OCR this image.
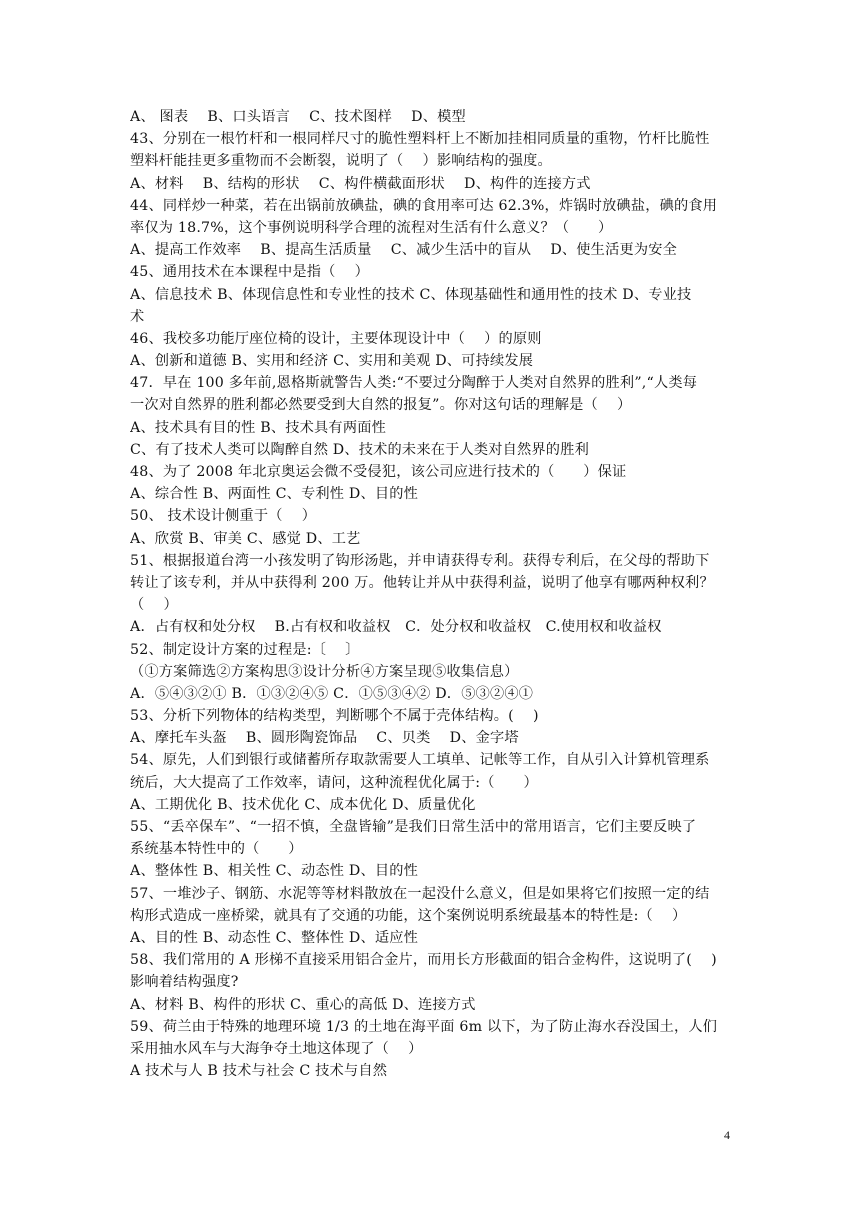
A、 图表　 B、口头语言　 C、技术图样　 D、模型
43、分别在一根竹杆和一根同样尺寸的脆性塑料杆上不断加挂相同质量的重物，竹杆比脆性
塑料杆能挂更多重物而不会断裂，说明了（　 ）影响结构的强度。
A、材料　 B、结构的形状　 C、构件横截面形状　 D、构件的连接方式
44、同样炒一种菜，若在出锅前放碘盐，碘的食用率可达 62.3%，炸锅时放碘盐，碘的食用
率仅为 18.7%，这个事例说明科学合理的流程对生活有什么意义？（　　）
A、提高工作效率　 B、提高生活质量　 C、减少生活中的盲从　 D、使生活更为安全
45、通用技术在本课程中是指（　 ）
A、信息技术 B、体现信息性和专业性的技术 C、体现基础性和通用性的技术 D、专业技
术
46、我校多功能厅座位椅的设计，主要体现设计中（　 ）的原则
A、创新和道德 B、实用和经济 C、实用和美观 D、可持续发展
47．早在 100 多年前,恩格斯就警告人类:“不要过分陶醉于人类对自然界的胜利”,“人类每
一次对自然界的胜利都必然要受到大自然的报复”。你对这句话的理解是（　 ）
A、技术具有目的性 B、技术具有两面性
C、有了技术人类可以陶醉自然 D、技术的未来在于人类对自然界的胜利
48、为了 2008 年北京奥运会微不受侵犯，该公司应进行技术的（　　）保证
A、综合性 B、两面性 C、专利性 D、目的性
50、 技术设计侧重于（　 ）
A、欣赏 B、审美 C、感觉 D、工艺
51、根据报道台湾一小孩发明了钩形汤匙，并申请获得专利。获得专利后，在父母的帮助下
转让了该专利，并从中获得利 200 万。他转让并从中获得利益，说明了他享有哪两种权利？
（　 ）
A．占有权和处分权　 B.占有权和收益权　C．处分权和收益权　C.使用权和收益权
52、制定设计方案的过程是:〔　 〕
（①方案筛选②方案构思③设计分析④方案呈现⑤收集信息）
A．⑤④③②① B．①③②④⑤ C．①⑤③④② D．⑤③②④①
53、分析下列物体的结构类型，判断哪个不属于壳体结构。(　 )
A、摩托车头盔　 B、圆形陶瓷饰品　 C、贝类　 D、金字塔
54、原先，人们到银行或储蓄所存取款需要人工填单、记帐等工作，自从引入计算机管理系
统后，大大提高了工作效率，请问，这种流程优化属于:（　　）
A、工期优化 B、技术优化 C、成本优化 D、质量优化
55、“丢卒保车”、“一招不慎，全盘皆输”是我们日常生活中的常用语言，它们主要反映了
系统基本特性中的（　　）
A、整体性 B、相关性 C、动态性 D、目的性
57、一堆沙子、钢筋、水泥等等材料散放在一起没什么意义，但是如果将它们按照一定的结
构形式造成一座桥梁，就具有了交通的功能，这个案例说明系统最基本的特性是:（　 ）
A、目的性 B、动态性 C、整体性 D、适应性
58、我们常用的 A 形梯不直接采用铝合金片，而用长方形截面的铝合金构件，这说明了(　 )
影响着结构强度?
A、材料 B、构件的形状 C、重心的高低 D、连接方式
59、荷兰由于特殊的地理环境 1/3 的土地在海平面 6m 以下，为了防止海水吞没国土，人们
采用抽水风车与大海争夺土地这体现了（　 ）
A 技术与人 B 技术与社会 C 技术与自然
4
